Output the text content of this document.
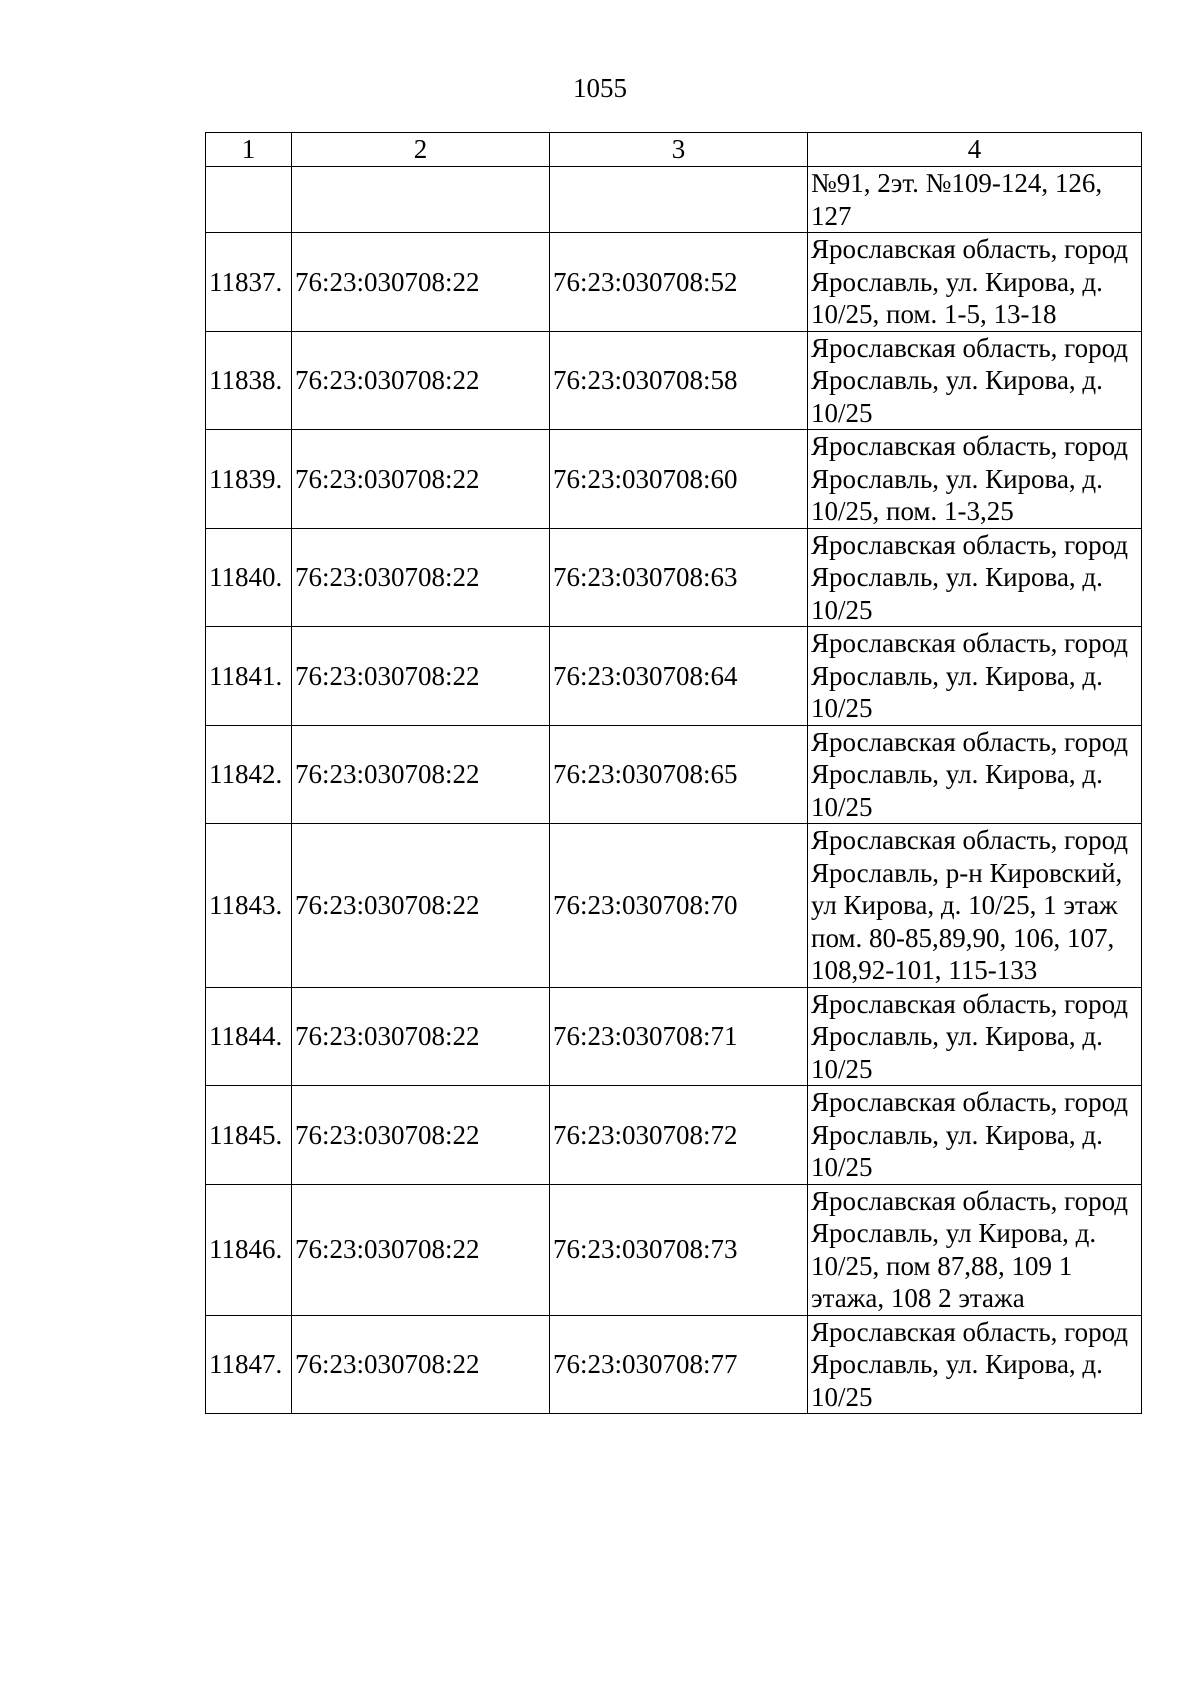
1055
1	2	3	4
			№91, 2эт. №109-124, 126, 127
11837.	76:23:030708:22	76:23:030708:52	Ярославская область, город Ярославль, ул. Кирова, д. 10/25, пом. 1-5, 13-18
11838.	76:23:030708:22	76:23:030708:58	Ярославская область, город Ярославль, ул. Кирова, д. 10/25
11839.	76:23:030708:22	76:23:030708:60	Ярославская область, город Ярославль, ул. Кирова, д. 10/25, пом. 1-3,25
11840.	76:23:030708:22	76:23:030708:63	Ярославская область, город Ярославль, ул. Кирова, д. 10/25
11841.	76:23:030708:22	76:23:030708:64	Ярославская область, город Ярославль, ул. Кирова, д. 10/25
11842.	76:23:030708:22	76:23:030708:65	Ярославская область, город Ярославль, ул. Кирова, д. 10/25
11843.	76:23:030708:22	76:23:030708:70	Ярославская область, город Ярославль, р-н Кировский, ул Кирова, д. 10/25, 1 этаж пом. 80-85,89,90, 106, 107, 108,92-101, 115-133
11844.	76:23:030708:22	76:23:030708:71	Ярославская область, город Ярославль, ул. Кирова, д. 10/25
11845.	76:23:030708:22	76:23:030708:72	Ярославская область, город Ярославль, ул. Кирова, д. 10/25
11846.	76:23:030708:22	76:23:030708:73	Ярославская область, город Ярославль, ул Кирова, д. 10/25, пом 87,88, 109 1 этажа, 108 2 этажа
11847.	76:23:030708:22	76:23:030708:77	Ярославская область, город Ярославль, ул. Кирова, д. 10/25
